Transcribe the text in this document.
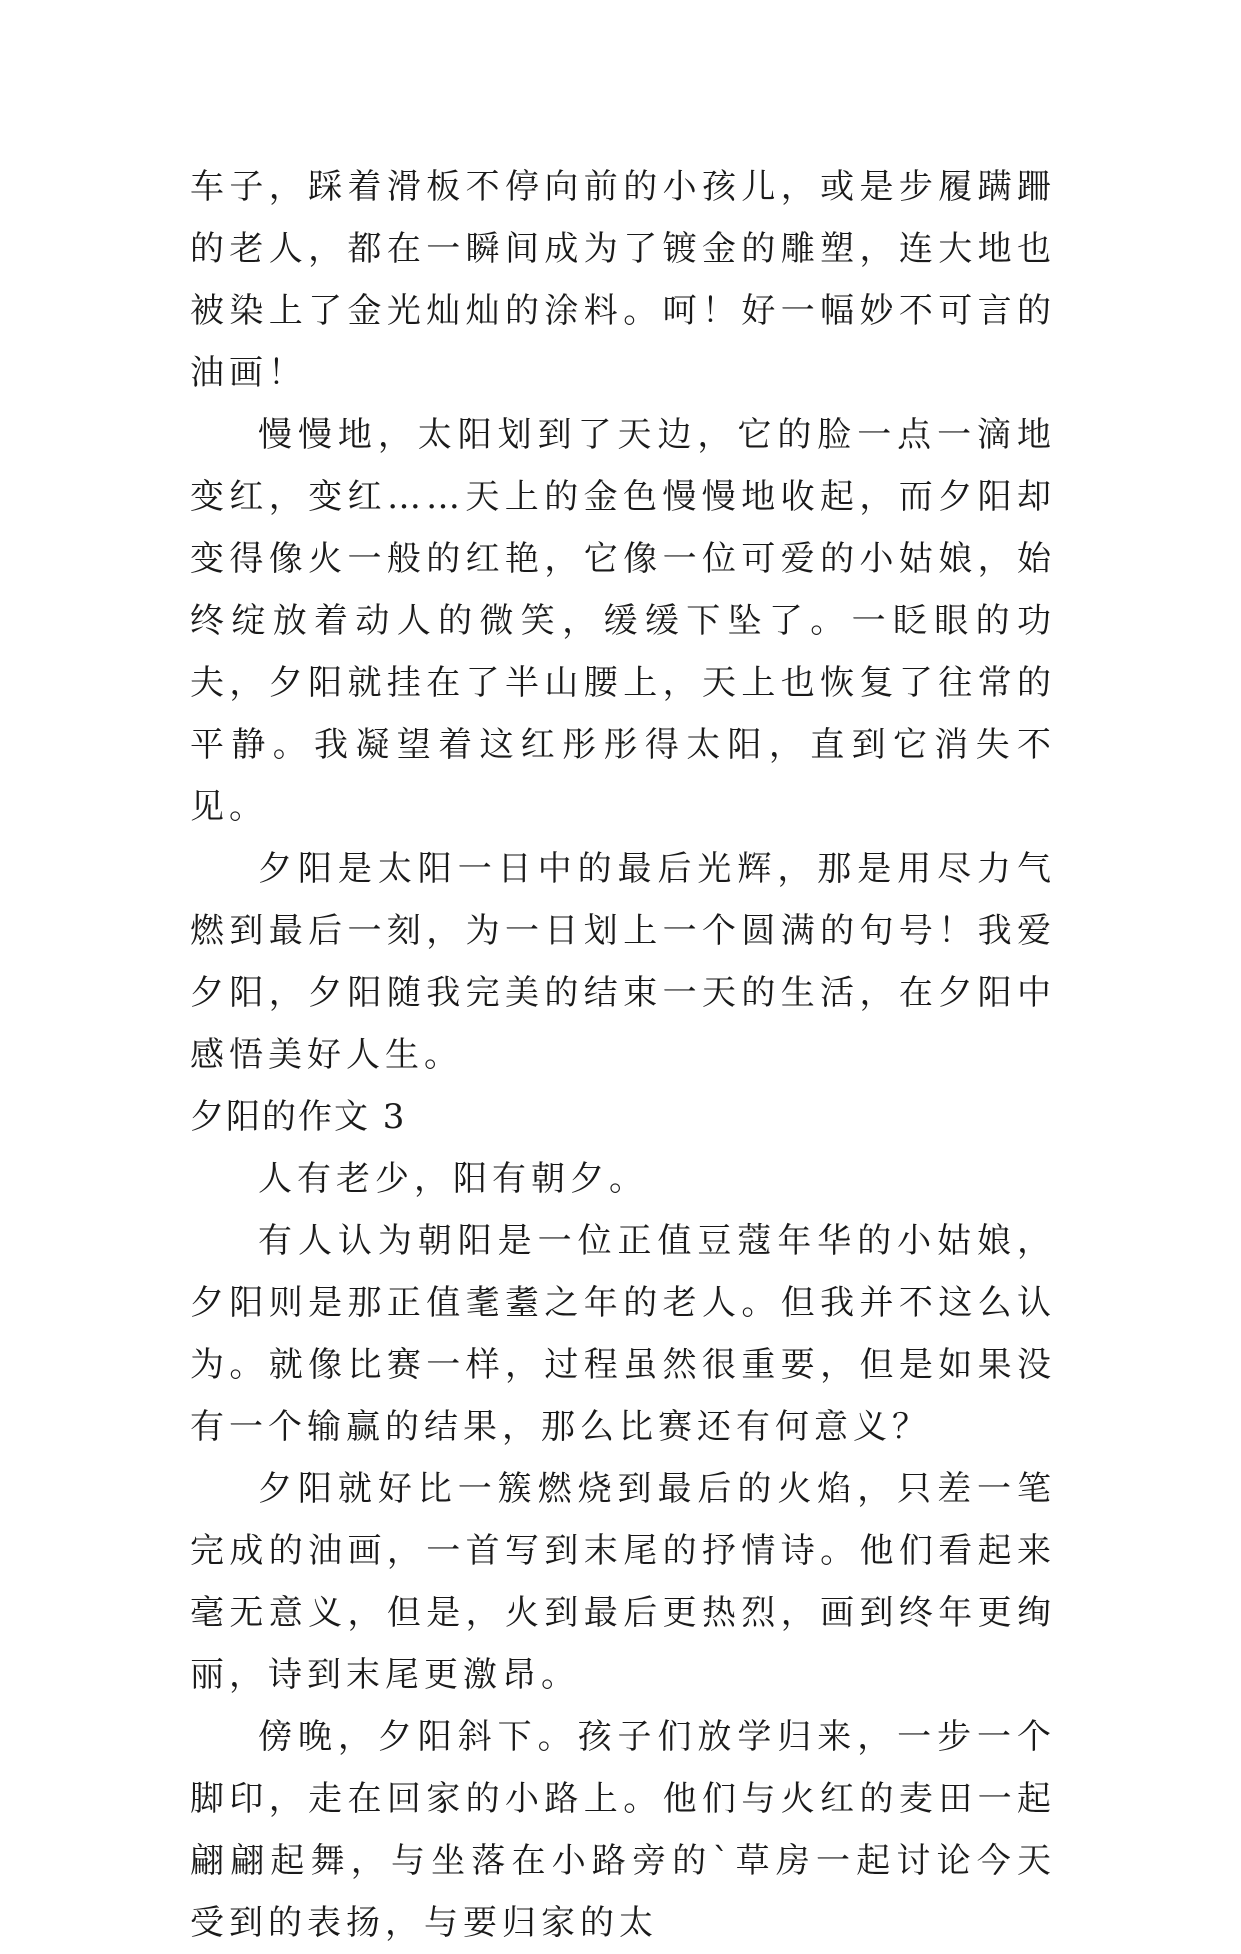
车子，踩着滑板不停向前的小孩儿，或是步履蹒跚的老人，都在一瞬间成为了镀金的雕塑，连大地也被染上了金光灿灿的涂料。呵！好一幅妙不可言的油画！

慢慢地，太阳划到了天边，它的脸一点一滴地变红，变红……天上的金色慢慢地收起，而夕阳却变得像火一般的红艳，它像一位可爱的小姑娘，始终绽放着动人的微笑，缓缓下坠了。一眨眼的功夫，夕阳就挂在了半山腰上，天上也恢复了往常的平静。我凝望着这红彤彤得太阳，直到它消失不见。

夕阳是太阳一日中的最后光辉，那是用尽力气燃到最后一刻，为一日划上一个圆满的句号！我爱夕阳，夕阳随我完美的结束一天的生活，在夕阳中感悟美好人生。

夕阳的作文 3

人有老少，阳有朝夕。

有人认为朝阳是一位正值豆蔻年华的小姑娘，夕阳则是那正值耄耋之年的老人。但我并不这么认为。就像比赛一样，过程虽然很重要，但是如果没有一个输赢的结果，那么比赛还有何意义？

夕阳就好比一簇燃烧到最后的火焰，只差一笔完成的油画，一首写到末尾的抒情诗。他们看起来毫无意义，但是，火到最后更热烈，画到终年更绚丽，诗到末尾更激昂。

傍晚，夕阳斜下。孩子们放学归来，一步一个脚印，走在回家的小路上。他们与火红的麦田一起翩翩起舞，与坐落在小路旁的`草房一起讨论今天受到的表扬，与要归家的太
